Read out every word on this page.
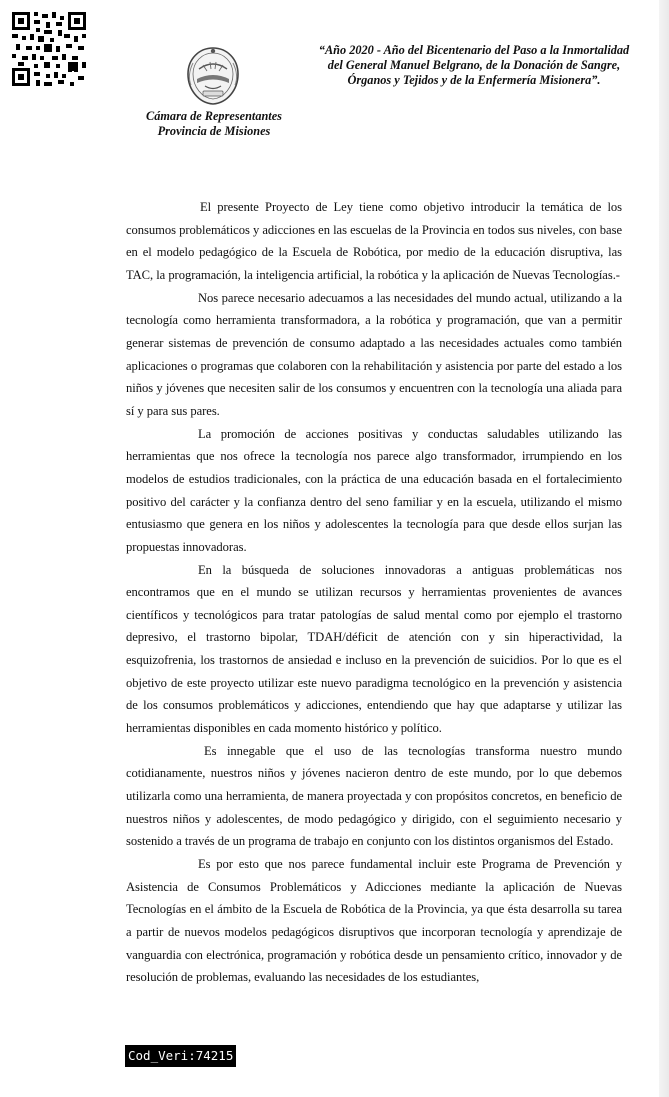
Cámara de Representantes
Provincia de Misiones
“Año 2020 - Año del Bicentenario del Paso a la Inmortalidad del General Manuel Belgrano, de la Donación de Sangre, Órganos y Tejidos y de la Enfermería Misionera”.

El presente Proyecto de Ley tiene como objetivo introducir la temática de los consumos problemáticos y adicciones en las escuelas de la Provincia en todos sus niveles, con base en el modelo pedagógico de la Escuela de Robótica, por medio de la educación disruptiva, las TAC, la programación, la inteligencia artificial, la robótica y la aplicación de Nuevas Tecnologías.-

Nos parece necesario adecuamos a las necesidades del mundo actual, utilizando a la tecnología como herramienta transformadora, a la robótica y programación, que van a permitir generar sistemas de prevención de consumo adaptado a las necesidades actuales como también aplicaciones o programas que colaboren con la rehabilitación y asistencia por parte del estado a los niños y jóvenes que necesiten salir de los consumos y encuentren con la tecnología una aliada para sí y para sus pares.

La promoción de acciones positivas y conductas saludables utilizando las herramientas que nos ofrece la tecnología nos parece algo transformador, irrumpiendo en los modelos de estudios tradicionales, con la práctica de una educación basada en el fortalecimiento positivo del carácter y la confianza dentro del seno familiar y en la escuela, utilizando el mismo entusiasmo que genera en los niños y adolescentes la tecnología para que desde ellos surjan las propuestas innovadoras.

En la búsqueda de soluciones innovadoras a antiguas problemáticas nos encontramos que en el mundo se utilizan recursos y herramientas provenientes de avances científicos y tecnológicos para tratar patologías de salud mental como por ejemplo el trastorno depresivo, el trastorno bipolar, TDAH/déficit de atención con y sin hiperactividad, la esquizofrenia, los trastornos de ansiedad e incluso en la prevención de suicidios. Por lo que es el objetivo de este proyecto utilizar este nuevo paradigma tecnológico en la prevención y asistencia de los consumos problemáticos y adicciones, entendiendo que hay que adaptarse y utilizar las herramientas disponibles en cada momento histórico y político.

Es innegable que el uso de las tecnologías transforma nuestro mundo cotidianamente, nuestros niños y jóvenes nacieron dentro de este mundo, por lo que debemos utilizarla como una herramienta, de manera proyectada y con propósitos concretos, en beneficio de nuestros niños y adolescentes, de modo pedagógico y dirigido, con el seguimiento necesario y sostenido a través de un programa de trabajo en conjunto con los distintos organismos del Estado.

Es por esto que nos parece fundamental incluir este Programa de Prevención y Asistencia de Consumos Problemáticos y Adicciones mediante la aplicación de Nuevas Tecnologías en el ámbito de la Escuela de Robótica de la Provincia, ya que ésta desarrolla su tarea a partir de nuevos modelos pedagógicos disruptivos que incorporan tecnología y aprendizaje de vanguardia con electrónica, programación y robótica desde un pensamiento crítico, innovador y de resolución de problemas, evaluando las necesidades de los estudiantes,

Cod_Veri:74215
